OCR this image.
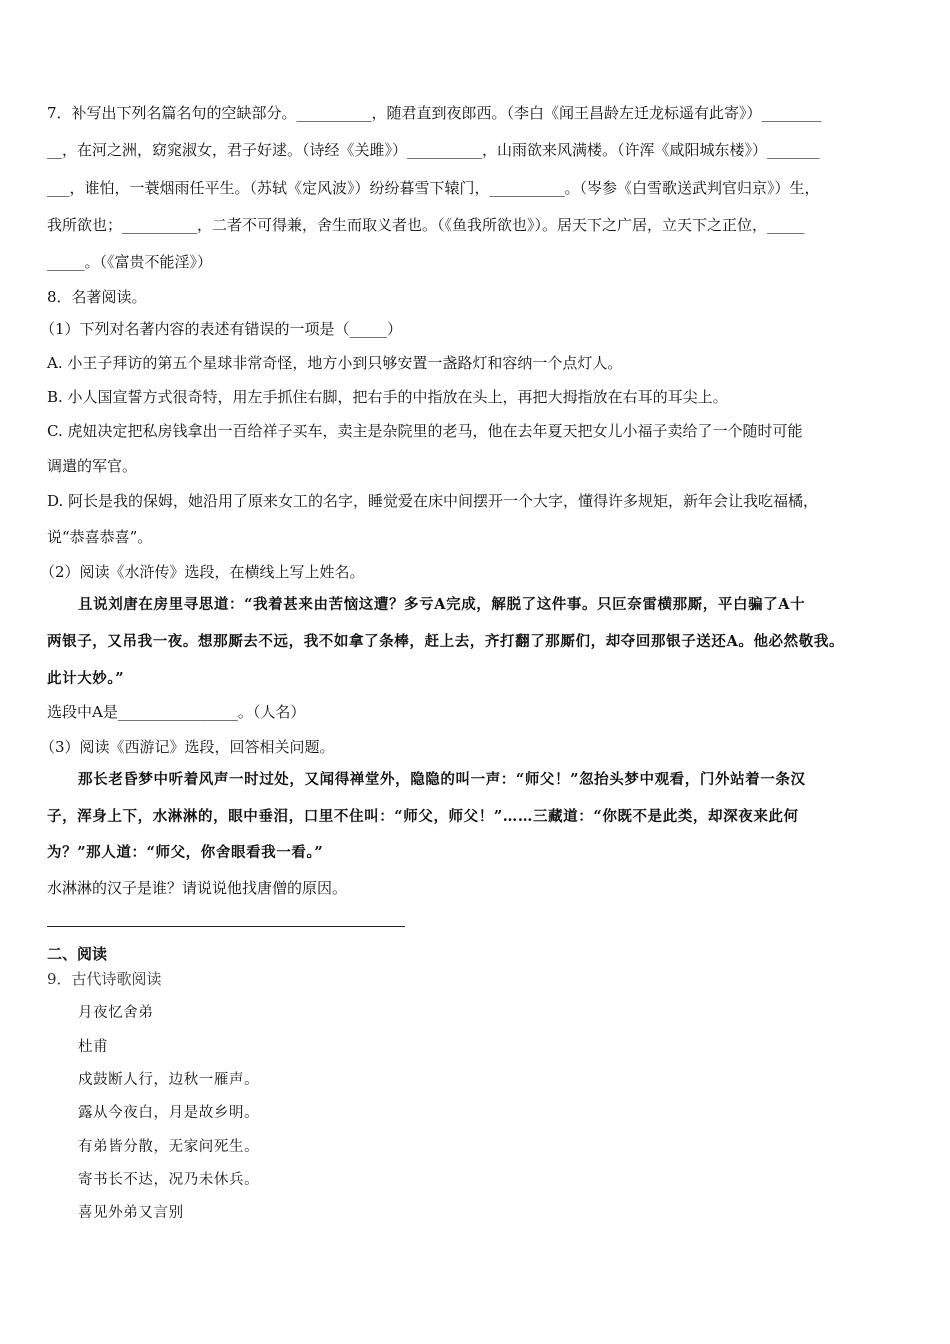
7．补写出下列名篇名句的空缺部分。__________，随君直到夜郎西。（李白《闻王昌龄左迁龙标遥有此寄》）________
__，在河之洲，窈窕淑女，君子好逑。（诗经《关雎》）__________，山雨欲来风满楼。（许浑《咸阳城东楼》）_______
___，谁怕，一蓑烟雨任平生。（苏轼《定风波》）纷纷暮雪下辕门，__________。（岑参《白雪歌送武判官归京》）生，
我所欲也；__________，二者不可得兼，舍生而取义者也。（《鱼我所欲也》）。居天下之广居，立天下之正位，_____
_____。（《富贵不能淫》）
8．名著阅读。
（1）下列对名著内容的表述有错误的一项是（_____）
A. 小王子拜访的第五个星球非常奇怪，地方小到只够安置一盏路灯和容纳一个点灯人。
B. 小人国宣誓方式很奇特，用左手抓住右脚，把右手的中指放在头上，再把大拇指放在右耳的耳尖上。
C. 虎妞决定把私房钱拿出一百给祥子买车，卖主是杂院里的老马，他在去年夏天把女儿小福子卖给了一个随时可能
调遣的军官。
D. 阿长是我的保姆，她沿用了原来女工的名字，睡觉爱在床中间摆开一个大字，懂得许多规矩，新年会让我吃福橘，
说“恭喜恭喜”。
（2）阅读《水浒传》选段，在横线上写上姓名。
且说刘唐在房里寻思道：“我着甚来由苦恼这遭？多亏A完成，解脱了这件事。只叵奈雷横那厮，平白骗了A十
两银子，又吊我一夜。想那厮去不远，我不如拿了条棒，赶上去，齐打翻了那厮们，却夺回那银子送还A。他必然敬我。
此计大妙。”
选段中A是________________。（人名）
（3）阅读《西游记》选段，回答相关问题。
那长老昏梦中听着风声一时过处，又闻得禅堂外，隐隐的叫一声：“师父！”忽抬头梦中观看，门外站着一条汉
子，浑身上下，水淋淋的，眼中垂泪，口里不住叫：“师父，师父！”……三藏道：“你既不是此类，却深夜来此何
为？”那人道：“师父，你舍眼看我一看。”
水淋淋的汉子是谁？请说说他找唐僧的原因。
二、阅读
9．古代诗歌阅读
月夜忆舍弟
杜甫
戍鼓断人行，边秋一雁声。
露从今夜白，月是故乡明。
有弟皆分散，无家问死生。
寄书长不达，况乃未休兵。
喜见外弟又言别
